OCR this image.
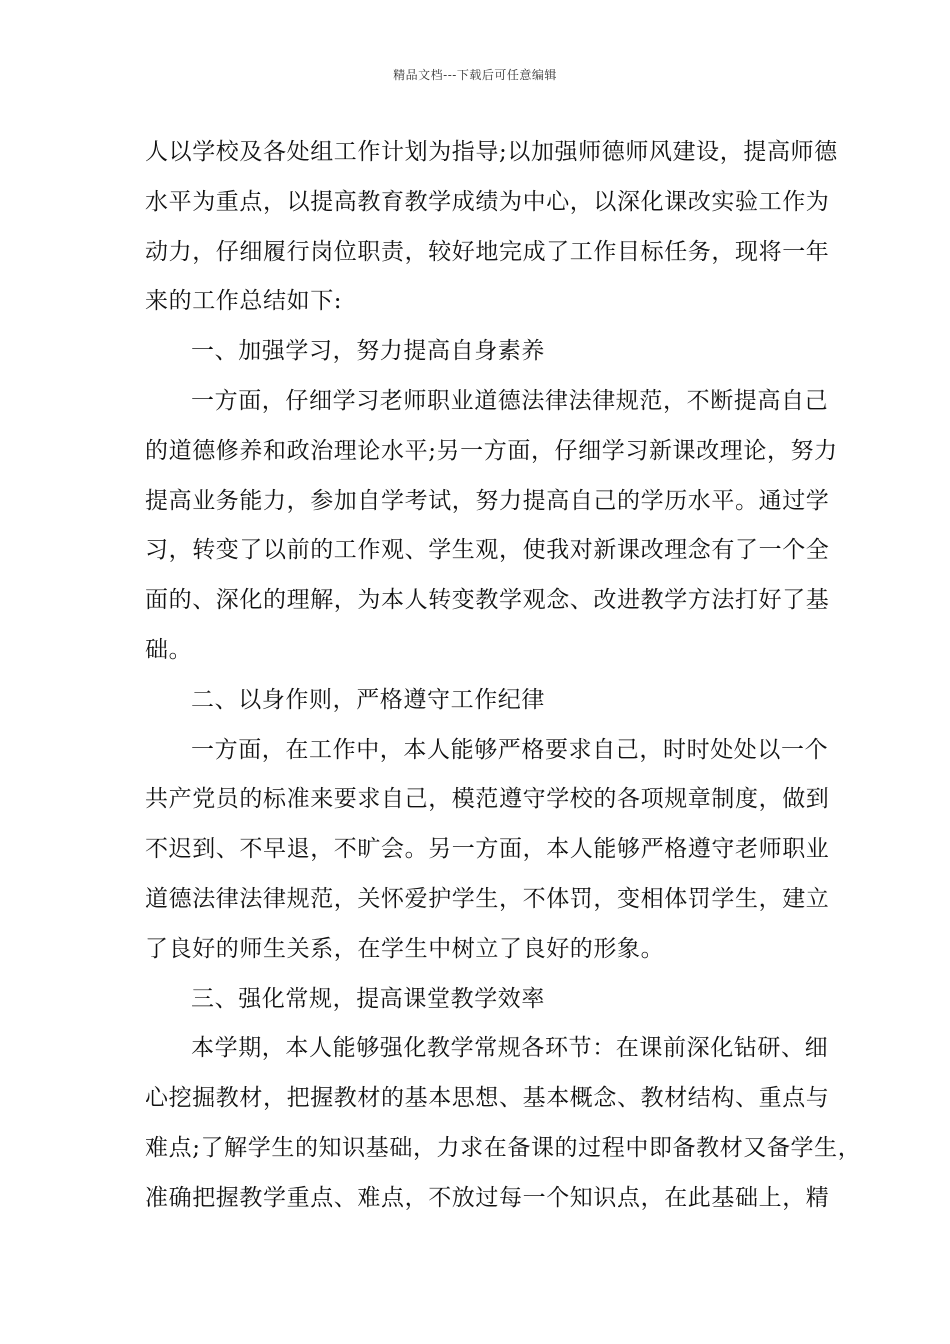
精品文档---下载后可任意编辑
人以学校及各处组工作计划为指导;以加强师德师风建设，提高师德
水平为重点，以提高教育教学成绩为中心，以深化课改实验工作为
动力，仔细履行岗位职责，较好地完成了工作目标任务，现将一年
来的工作总结如下:
一、加强学习，努力提高自身素养
一方面，仔细学习老师职业道德法律法律规范，不断提高自己
的道德修养和政治理论水平;另一方面，仔细学习新课改理论，努力
提高业务能力，参加自学考试，努力提高自己的学历水平。通过学
习，转变了以前的工作观、学生观，使我对新课改理念有了一个全
面的、深化的理解，为本人转变教学观念、改进教学方法打好了基
础。
二、以身作则，严格遵守工作纪律
一方面，在工作中，本人能够严格要求自己，时时处处以一个
共产党员的标准来要求自己，模范遵守学校的各项规章制度，做到
不迟到、不早退，不旷会。另一方面，本人能够严格遵守老师职业
道德法律法律规范，关怀爱护学生，不体罚，变相体罚学生，建立
了良好的师生关系，在学生中树立了良好的形象。
三、强化常规，提高课堂教学效率
本学期，本人能够强化教学常规各环节：在课前深化钻研、细
心挖掘教材，把握教材的基本思想、基本概念、教材结构、重点与
难点;了解学生的知识基础，力求在备课的过程中即备教材又备学生，
准确把握教学重点、难点，不放过每一个知识点，在此基础上，精
